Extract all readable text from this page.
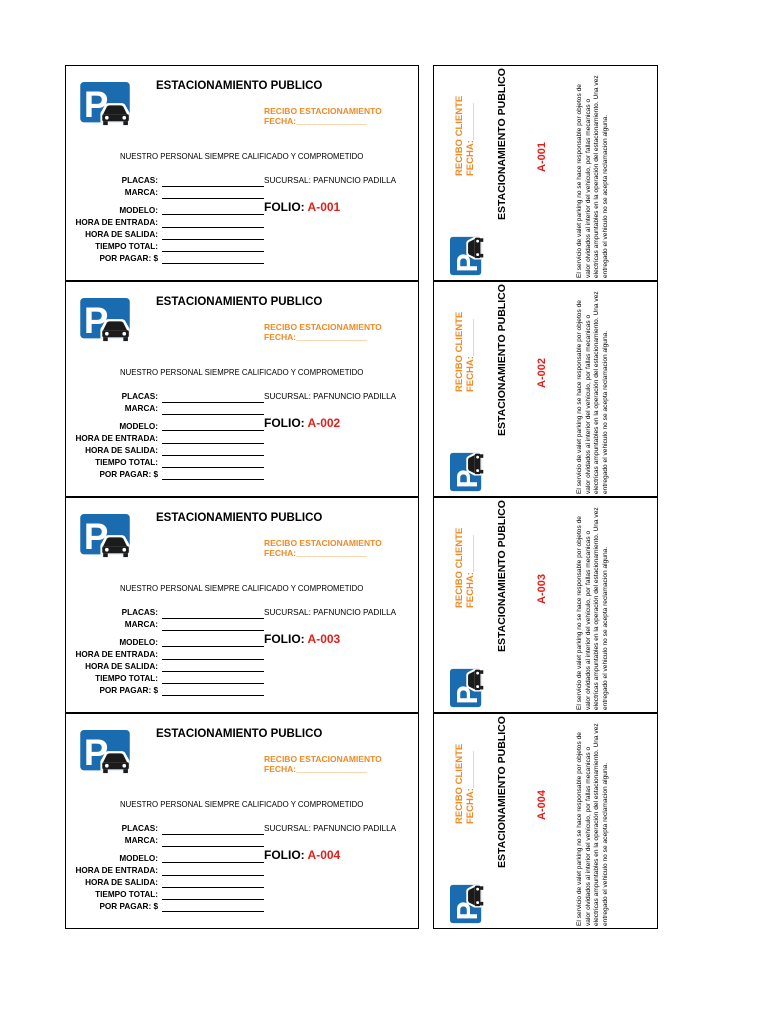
ESTACIONAMIENTO PUBLICO
RECIBO ESTACIONAMIENTO
FECHA:_______________
NUESTRO PERSONAL SIEMPRE CALIFICADO Y COMPROMETIDO
PLACAS:
MARCA:
MODELO:
HORA DE ENTRADA:
HORA DE SALIDA:
TIEMPO TOTAL:
POR PAGAR: $
SUCURSAL: PAFNUNCIO PADILLA
FOLIO: A-001
ESTACIONAMIENTO PUBLICO
RECIBO ESTACIONAMIENTO
FECHA:_______________
NUESTRO PERSONAL SIEMPRE CALIFICADO Y COMPROMETIDO
PLACAS:
MARCA:
MODELO:
HORA DE ENTRADA:
HORA DE SALIDA:
TIEMPO TOTAL:
POR PAGAR: $
SUCURSAL: PAFNUNCIO PADILLA
FOLIO: A-002
ESTACIONAMIENTO PUBLICO
RECIBO ESTACIONAMIENTO
FECHA:_______________
NUESTRO PERSONAL SIEMPRE CALIFICADO Y COMPROMETIDO
PLACAS:
MARCA:
MODELO:
HORA DE ENTRADA:
HORA DE SALIDA:
TIEMPO TOTAL:
POR PAGAR: $
SUCURSAL: PAFNUNCIO PADILLA
FOLIO: A-003
ESTACIONAMIENTO PUBLICO
RECIBO ESTACIONAMIENTO
FECHA:_______________
NUESTRO PERSONAL SIEMPRE CALIFICADO Y COMPROMETIDO
PLACAS:
MARCA:
MODELO:
HORA DE ENTRADA:
HORA DE SALIDA:
TIEMPO TOTAL:
POR PAGAR: $
SUCURSAL: PAFNUNCIO PADILLA
FOLIO: A-004
ESTACIONAMIENTO PUBLICO
RECIBO CLIENTE FECHA:_______	A-001	El servicio de valet parking no se hace responsable por objetos de valor olvidados al interior del vehículo, por fallas mecanicas o electricas ampuntables en la operación del estacionamiento. Una vez entregado el vehiculo no se acepta reclamacion alguna.
ESTACIONAMIENTO PUBLICO
RECIBO CLIENTE FECHA:_______	A-002	El servicio de valet parking no se hace responsable por objetos de valor olvidados al interior del vehículo, por fallas mecanicas o electricas ampuntables en la operación del estacionamiento. Una vez entregado el vehiculo no se acepta reclamacion alguna.
ESTACIONAMIENTO PUBLICO
RECIBO CLIENTE FECHA:_______	A-003	El servicio de valet parking no se hace responsable por objetos de valor olvidados al interior del vehículo, por fallas mecanicas o electricas ampuntables en la operación del estacionamiento. Una vez entregado el vehiculo no se acepta reclamacion alguna.
ESTACIONAMIENTO PUBLICO
RECIBO CLIENTE FECHA:_______	A-004	El servicio de valet parking no se hace responsable por objetos de valor olvidados al interior del vehículo, por fallas mecanicas o electricas ampuntables en la operación del estacionamiento. Una vez entregado el vehiculo no se acepta reclamacion alguna.
